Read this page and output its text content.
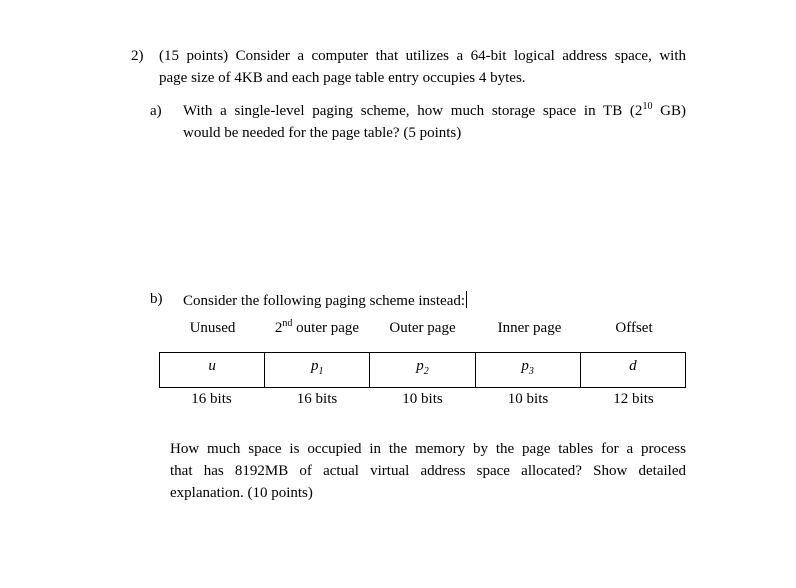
2) (15 points) Consider a computer that utilizes a 64-bit logical address space, with
page size of 4KB and each page table entry occupies 4 bytes.
a) With a single-level paging scheme, how much storage space in TB ($2^{10}$ GB)
would be needed for the page table? (5 points)
b) Consider the following paging scheme instead:
Unused	2nd outer page	Outer page	Inner page	Offset
u	$p_1$	$p_2$	$p_3$	d
16 bits	16 bits	10 bits	10 bits	12 bits
How much space is occupied in the memory by the page tables for a process
that has 8192MB of actual virtual address space allocated? Show detailed
explanation. (10 points)
